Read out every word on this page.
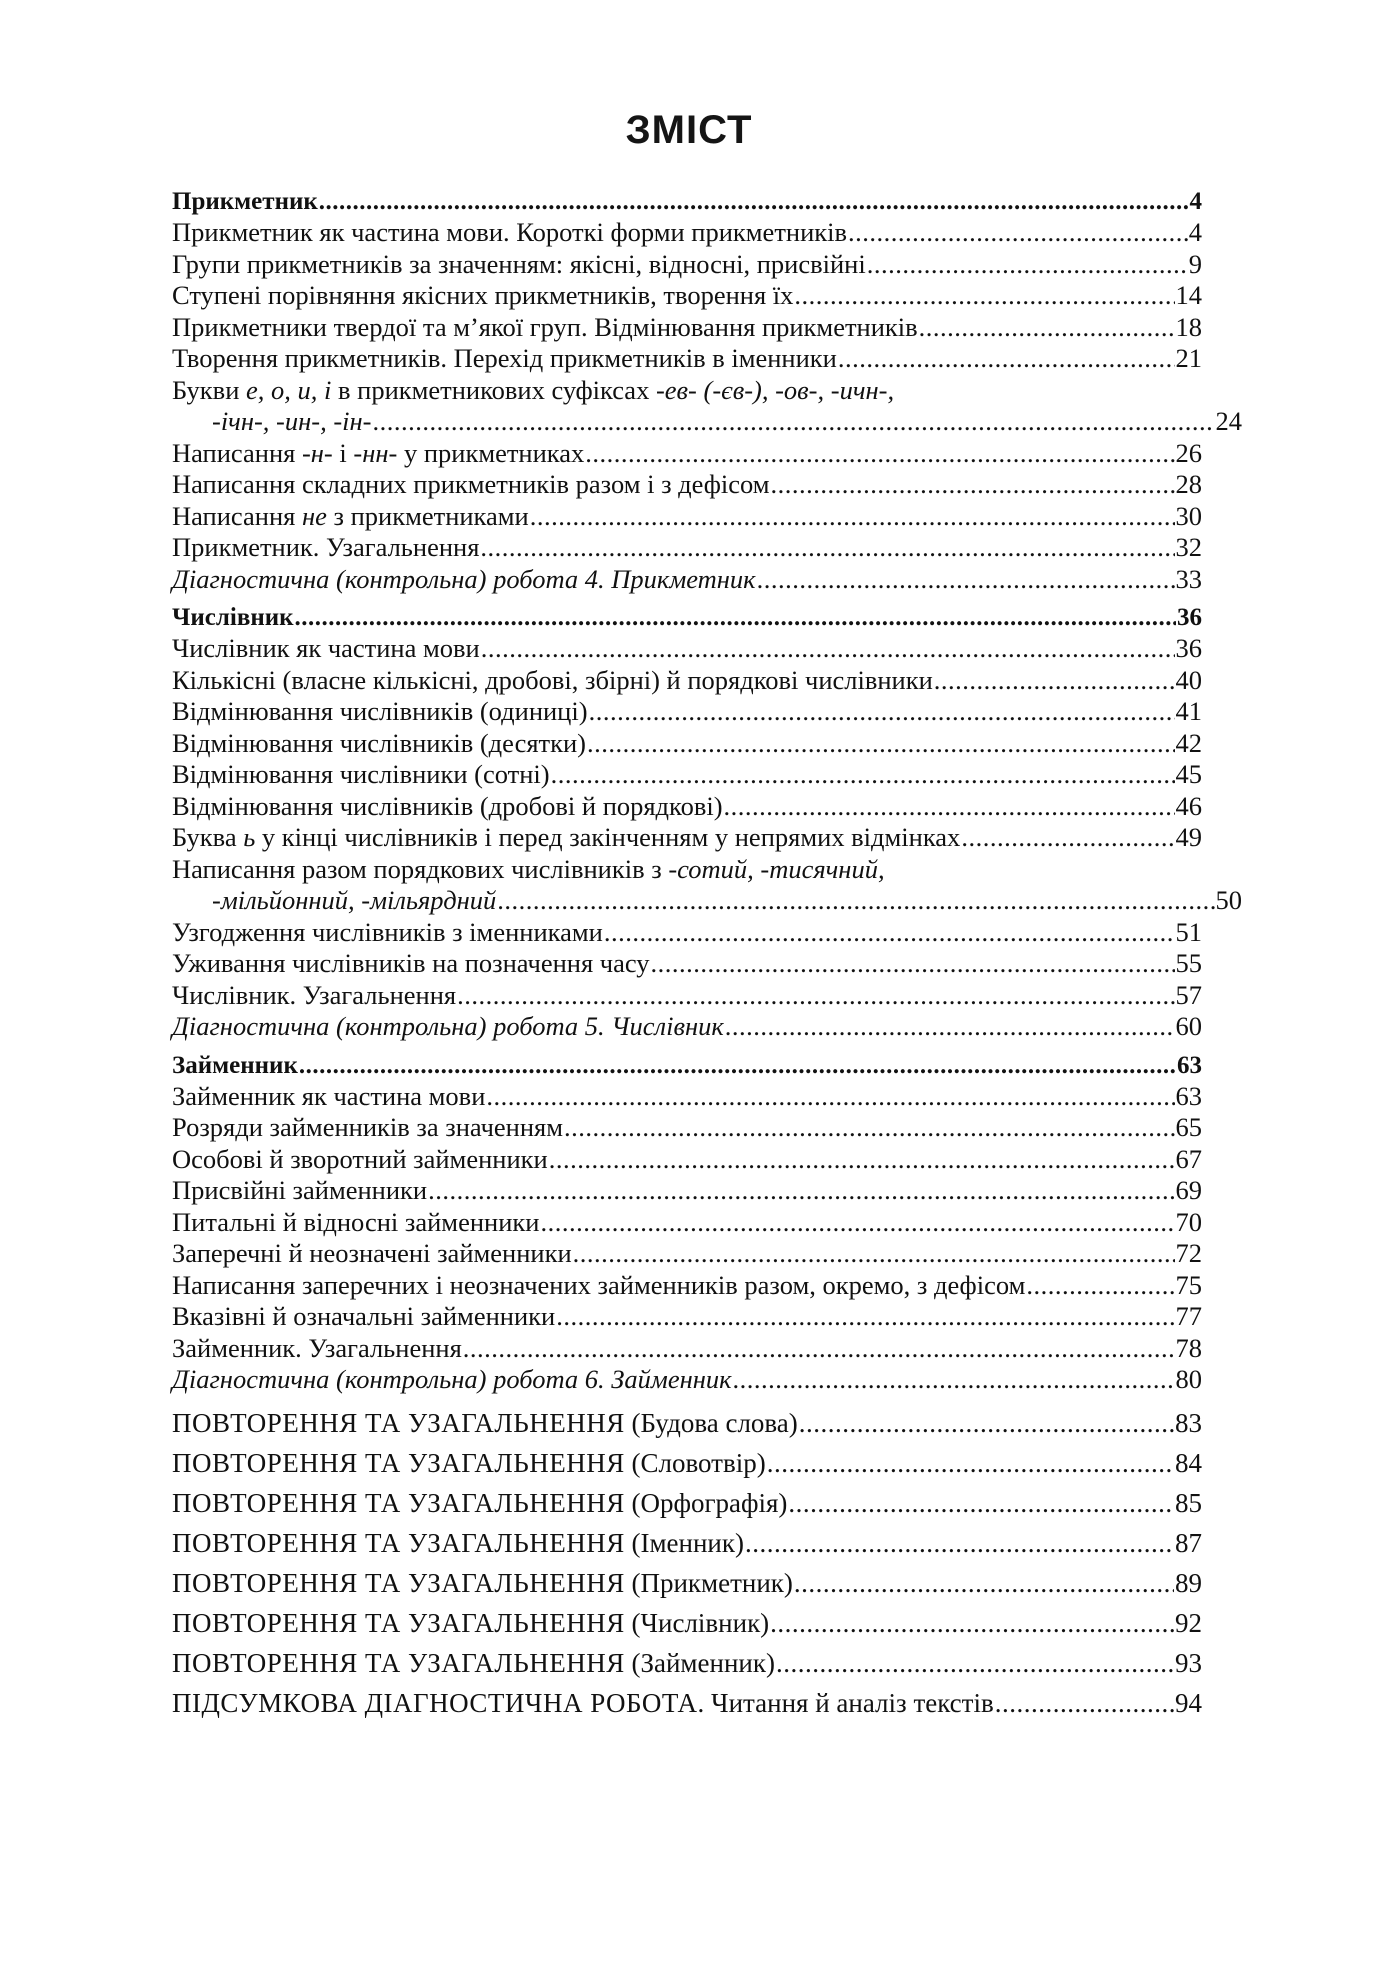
ЗМІСТ
Прикметник .....	4
Прикметник як частина мови. Короткі форми прикметників .....	4
Групи прикметників за значенням: якісні, відносні, присвійні .....	9
Ступені порівняння якісних прикметників, творення їх .....	14
Прикметники твердої та м’якої груп. Відмінювання прикметників .....	18
Творення прикметників. Перехід прикметників в іменники .....	21
Букви е, о, и, і в прикметникових суфіксах -ев- (-єв-), -ов-, -ичн-,
-ічн-, -ин-, -ін- .....	24
Написання -н- і -нн- у прикметниках .....	26
Написання складних прикметників разом і з дефісом .....	28
Написання не з прикметниками .....	30
Прикметник. Узагальнення .....	32
Діагностична (контрольна) робота 4. Прикметник .....	33
Числівник .....	36
Числівник як частина мови .....	36
Кількісні (власне кількісні, дробові, збірні) й порядкові числівники .....	40
Відмінювання числівників (одиниці) .....	41
Відмінювання числівників (десятки) .....	42
Відмінювання числівники (сотні) .....	45
Відмінювання числівників (дробові й порядкові) .....	46
Буква ь у кінці числівників і перед закінченням у непрямих відмінках .....	49
Написання разом порядкових числівників з -сотий, -тисячний,
-мільйонний, -мільярдний .....	50
Узгодження числівників з іменниками .....	51
Уживання числівників на позначення часу .....	55
Числівник. Узагальнення .....	57
Діагностична (контрольна) робота 5. Числівник .....	60
Займенник .....	63
Займенник як частина мови .....	63
Розряди займенників за значенням .....	65
Особові й зворотний займенники .....	67
Присвійні займенники .....	69
Питальні й відносні займенники .....	70
Заперечні й неозначені займенники .....	72
Написання заперечних і неозначених займенників разом, окремо, з дефісом .....	75
Вказівні й означальні займенники .....	77
Займенник. Узагальнення .....	78
Діагностична (контрольна) робота 6. Займенник .....	80
ПОВТОРЕННЯ ТА УЗАГАЛЬНЕННЯ (Будова слова) .....	83
ПОВТОРЕННЯ ТА УЗАГАЛЬНЕННЯ (Словотвір) .....	84
ПОВТОРЕННЯ ТА УЗАГАЛЬНЕННЯ (Орфографія) .....	85
ПОВТОРЕННЯ ТА УЗАГАЛЬНЕННЯ (Іменник) .....	87
ПОВТОРЕННЯ ТА УЗАГАЛЬНЕННЯ (Прикметник) .....	89
ПОВТОРЕННЯ ТА УЗАГАЛЬНЕННЯ (Числівник) .....	92
ПОВТОРЕННЯ ТА УЗАГАЛЬНЕННЯ (Займенник) .....	93
ПІДСУМКОВА ДІАГНОСТИЧНА РОБОТА. Читання й аналіз текстів .....	94
